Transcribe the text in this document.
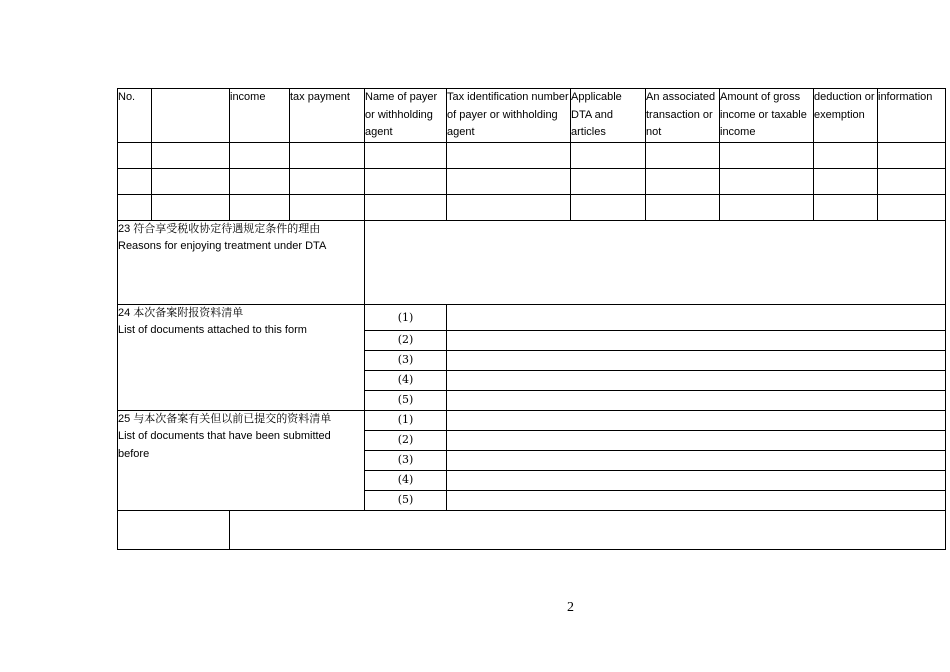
No.		income	tax payment	Name of payer or withholding agent	Tax identification number of payer or withholding agent	Applicable DTA and articles	An associated transaction or not	Amount of gross income or taxable income	deduction or exemption	information

23 符合享受税收协定待遇规定条件的理由
Reasons for enjoying treatment under DTA										

24 本次备案附报资料清单
List of documents attached to this form				(1)						
				(2)						
				(3)						
				(4)						
				(5)						

25 与本次备案有关但以前已提交的资料清单
List of documents that have been submitted before				(1)						
				(2)						
				(3)						
				(4)						
				(5)						

2
